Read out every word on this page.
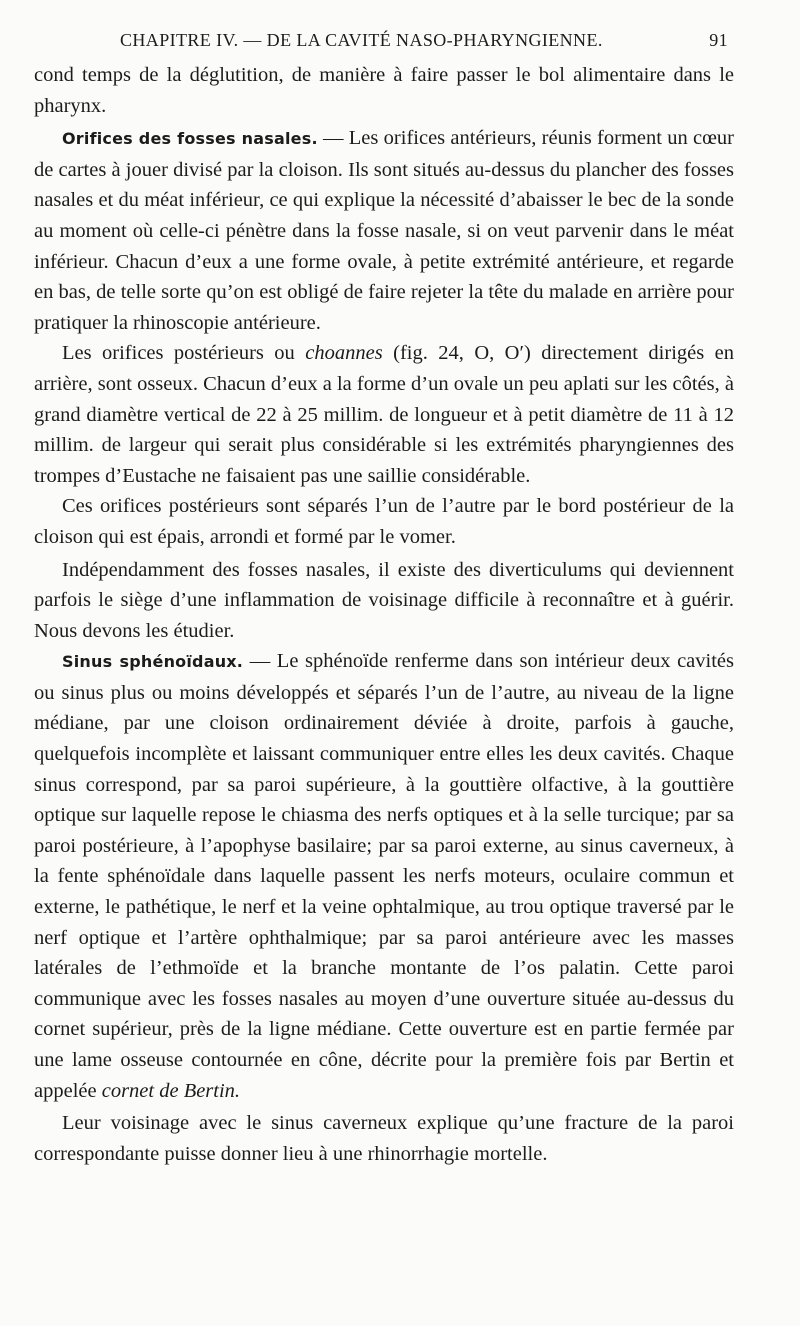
CHAPITRE IV. — DE LA CAVITÉ NASO-PHARYNGIENNE.	91

cond temps de la déglutition, de manière à faire passer le bol alimentaire dans le pharynx.

Orifices des fosses nasales. — Les orifices antérieurs, réunis forment un cœur de cartes à jouer divisé par la cloison. Ils sont situés au-dessus du plancher des fosses nasales et du méat inférieur, ce qui explique la nécessité d’abaisser le bec de la sonde au moment où celle-ci pénètre dans la fosse nasale, si on veut parvenir dans le méat inférieur. Chacun d’eux a une forme ovale, à petite extrémité antérieure, et regarde en bas, de telle sorte qu’on est obligé de faire rejeter la tête du malade en arrière pour pratiquer la rhinoscopie antérieure.

Les orifices postérieurs ou choannes (fig. 24, O, O′) directement dirigés en arrière, sont osseux. Chacun d’eux a la forme d’un ovale un peu aplati sur les côtés, à grand diamètre vertical de 22 à 25 millim. de longueur et à petit diamètre de 11 à 12 millim. de largeur qui serait plus considérable si les extrémités pharyngiennes des trompes d’Eustache ne faisaient pas une saillie considérable.

Ces orifices postérieurs sont séparés l’un de l’autre par le bord postérieur de la cloison qui est épais, arrondi et formé par le vomer.

Indépendamment des fosses nasales, il existe des diverticulums qui deviennent parfois le siège d’une inflammation de voisinage difficile à reconnaître et à guérir. Nous devons les étudier.

Sinus sphénoïdaux. — Le sphénoïde renferme dans son intérieur deux cavités ou sinus plus ou moins développés et séparés l’un de l’autre, au niveau de la ligne médiane, par une cloison ordinairement déviée à droite, parfois à gauche, quelquefois incomplète et laissant communiquer entre elles les deux cavités. Chaque sinus correspond, par sa paroi supérieure, à la gouttière olfactive, à la gouttière optique sur laquelle repose le chiasma des nerfs optiques et à la selle turcique; par sa paroi postérieure, à l’apophyse basilaire; par sa paroi externe, au sinus caverneux, à la fente sphénoïdale dans laquelle passent les nerfs moteurs, oculaire commun et externe, le pathétique, le nerf et la veine ophtalmique, au trou optique traversé par le nerf optique et l’artère ophthalmique; par sa paroi antérieure avec les masses latérales de l’ethmoïde et la branche montante de l’os palatin. Cette paroi communique avec les fosses nasales au moyen d’une ouverture située au-dessus du cornet supérieur, près de la ligne médiane. Cette ouverture est en partie fermée par une lame osseuse contournée en cône, décrite pour la première fois par Bertin et appelée cornet de Bertin.

Leur voisinage avec le sinus caverneux explique qu’une fracture de la paroi correspondante puisse donner lieu à une rhinorrhagie mortelle.
